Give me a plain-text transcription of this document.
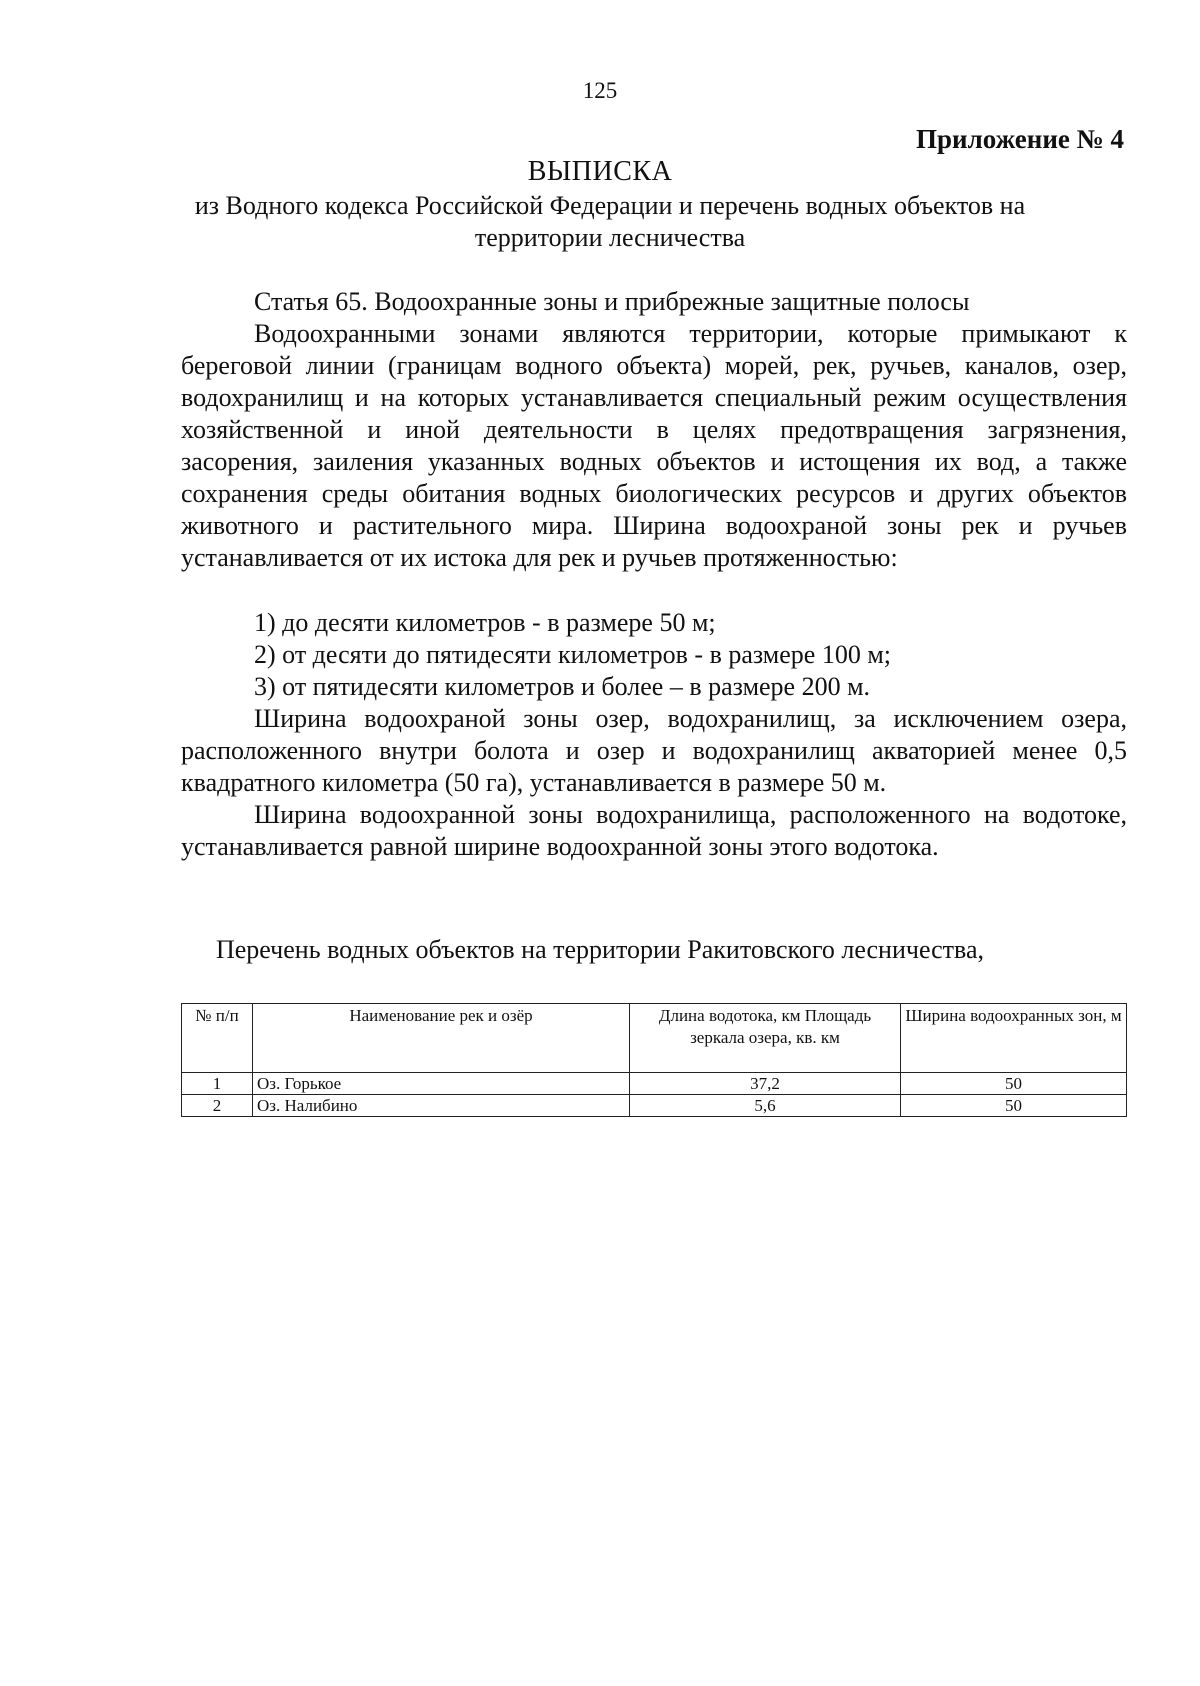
125
Приложение № 4
ВЫПИСКА

из Водного кодекса Российской Федерации и перечень водных объектов на территории лесничества

Статья 65. Водоохранные зоны и прибрежные защитные полосы

Водоохранными зонами являются территории, которые примыкают к береговой линии (границам водного объекта) морей, рек, ручьев, каналов, озер, водохранилищ и на которых устанавливается специальный режим осуществления хозяйственной и иной деятельности в целях предотвращения загрязнения, засорения, заиления указанных водных объектов и истощения их вод, а также сохранения среды обитания водных биологических ресурсов и других объектов животного и растительного мира. Ширина водоохраной зоны рек и ручьев устанавливается от их истока для рек и ручьев протяженностью:

1) до десяти километров - в размере 50 м;
2) от десяти до пятидесяти километров - в размере 100 м;
3) от пятидесяти километров и более – в размере 200 м.

Ширина водоохраной зоны озер, водохранилищ, за исключением озера, расположенного внутри болота и озер и водохранилищ акваторией менее 0,5 квадратного километра (50 га), устанавливается в размере 50 м.

Ширина водоохранной зоны водохранилища, расположенного на водотоке, устанавливается равной ширине водоохранной зоны этого водотока.

Перечень водных объектов на территории Ракитовского лесничества,
№ п/п	Наименование рек и озёр	Длина водотока, км Площадь зеркала озера, кв. км	Ширина водоохранных зон, м
1	Оз. Горькое	37,2	50
2	Оз. Налибино	5,6	50
